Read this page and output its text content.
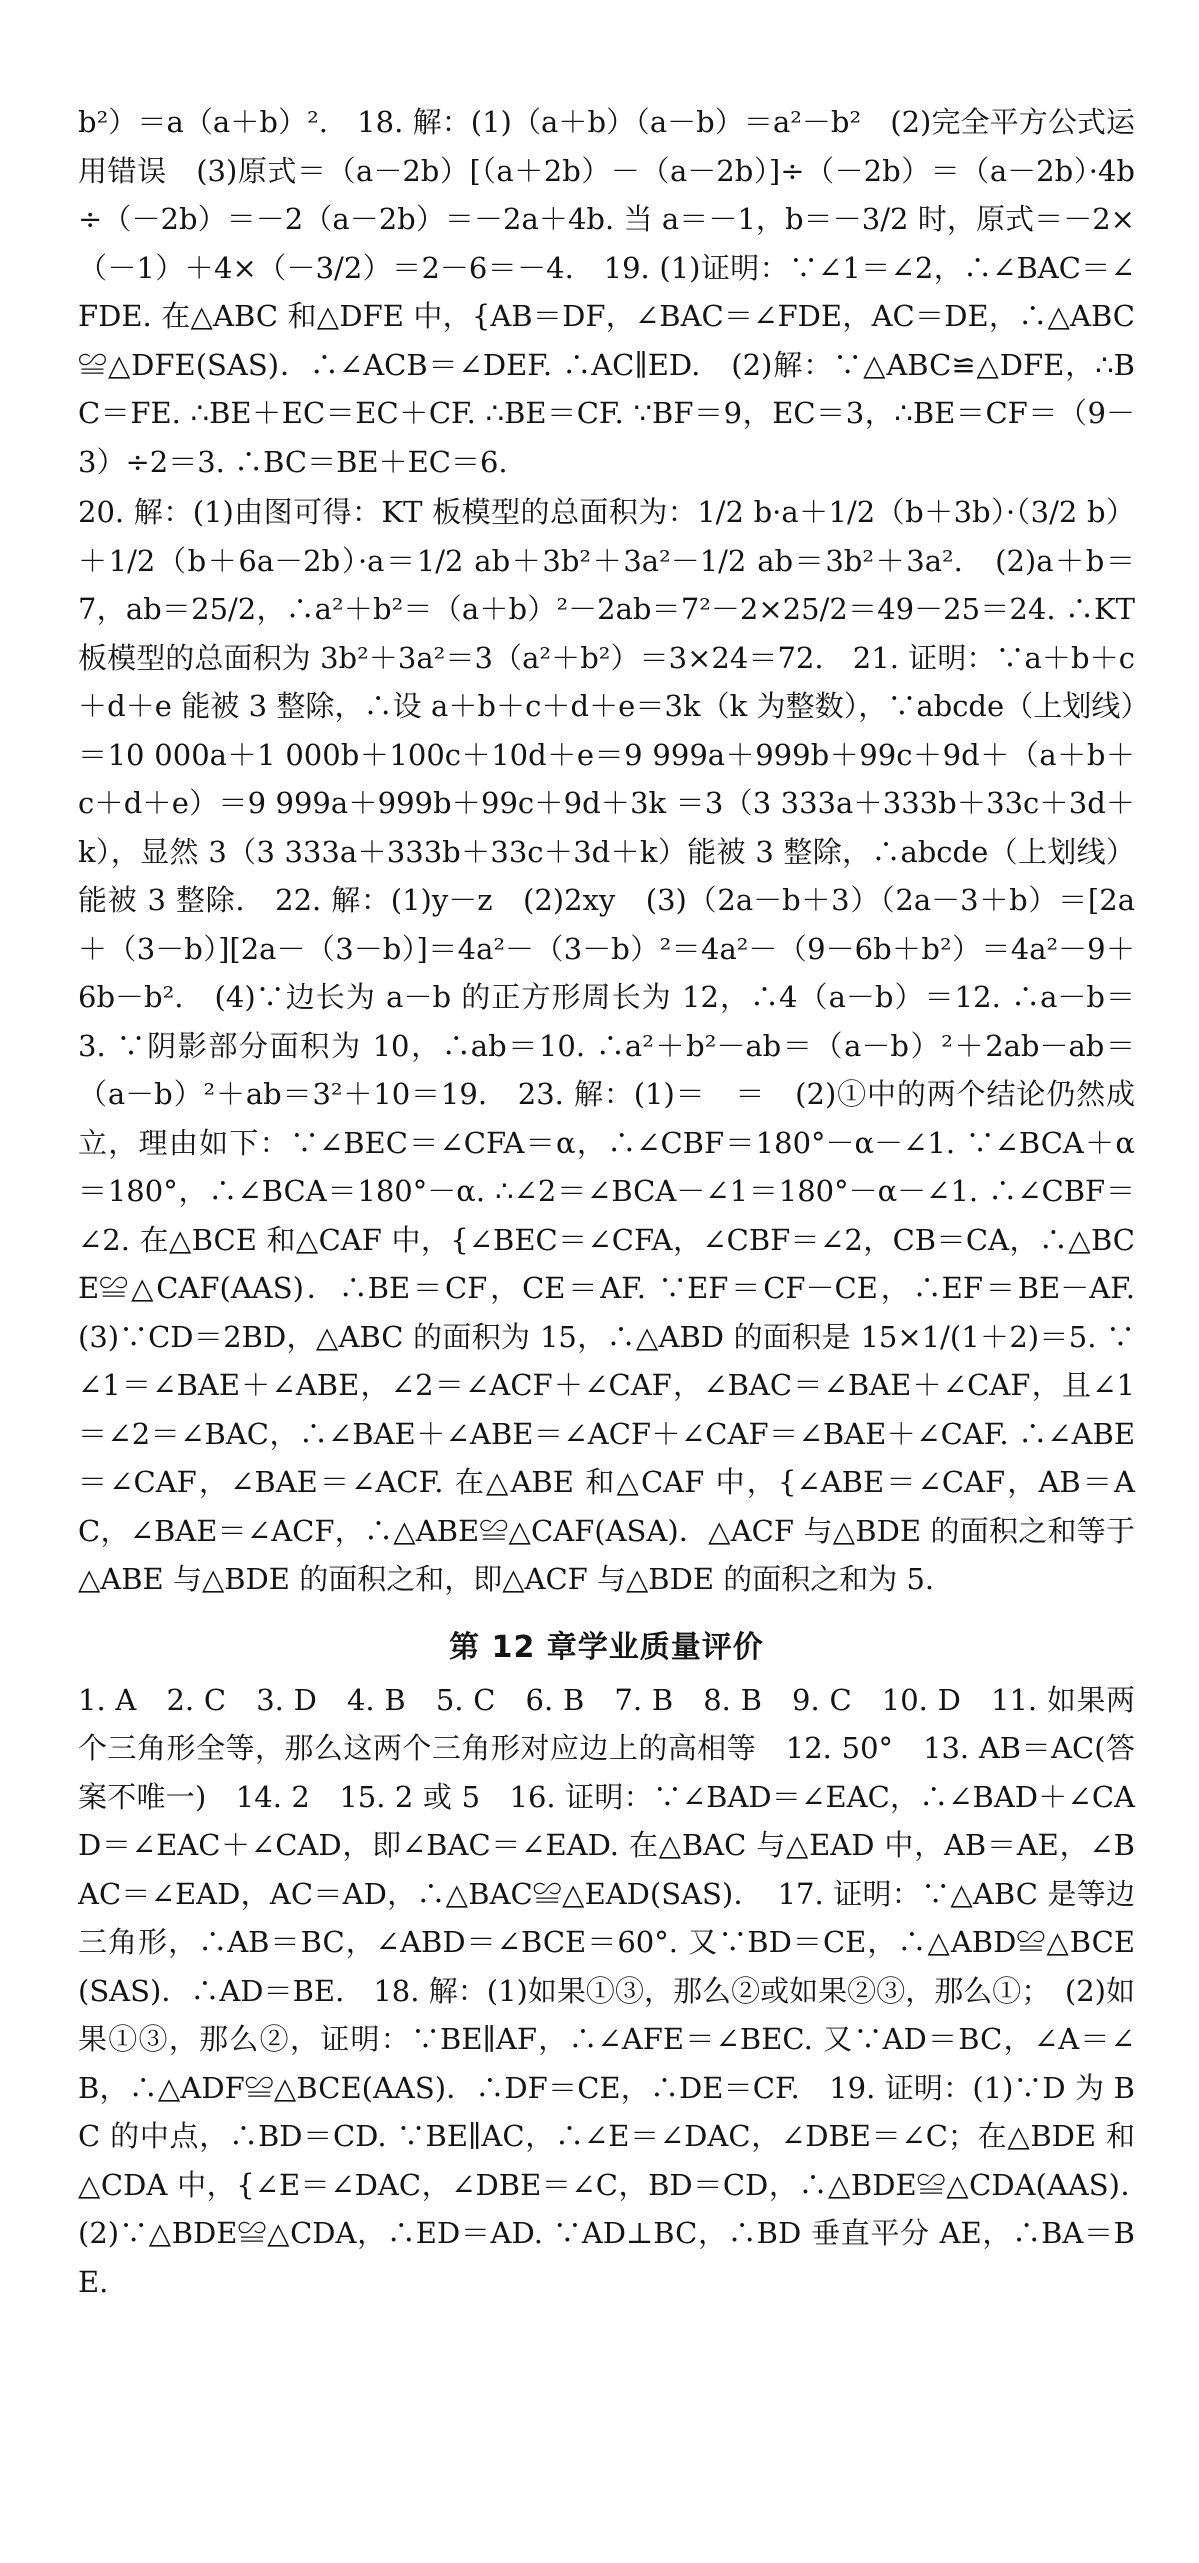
b²）＝a（a＋b）².　18. 解：(1)（a＋b）（a－b）＝a²－b²　(2)完全平方公式运用错误　(3)原式＝（a－2b）[（a＋2b）－（a－2b）]÷（－2b）＝（a－2b）·4b÷（－2b）＝－2（a－2b）＝－2a＋4b. 当 a＝－1，b＝－3/2 时，原式＝－2×（－1）＋4×（－3/2）＝2－6＝－4.　19. (1)证明：∵∠1＝∠2，∴∠BAC＝∠FDE. 在△ABC 和△DFE 中，{AB＝DF，∠BAC＝∠FDE，AC＝DE，∴△ABC≌△DFE(SAS)．∴∠ACB＝∠DEF. ∴AC∥ED.　(2)解：∵△ABC≌△DFE，∴BC＝FE. ∴BE＋EC＝EC＋CF. ∴BE＝CF. ∵BF＝9，EC＝3，∴BE＝CF＝（9－3）÷2＝3. ∴BC＝BE＋EC＝6.

20. 解：(1)由图可得：KT 板模型的总面积为：1/2 b·a＋1/2（b＋3b）·（3/2 b）＋1/2（b＋6a－2b）·a＝1/2 ab＋3b²＋3a²－1/2 ab＝3b²＋3a².　(2)a＋b＝7，ab＝25/2，∴a²＋b²＝（a＋b）²－2ab＝7²－2×25/2＝49－25＝24. ∴KT 板模型的总面积为 3b²＋3a²＝3（a²＋b²）＝3×24＝72.　21. 证明：∵a＋b＋c＋d＋e 能被 3 整除，∴设 a＋b＋c＋d＋e＝3k（k 为整数），∵abcde（上划线）＝10 000a＋1 000b＋100c＋10d＋e＝9 999a＋999b＋99c＋9d＋（a＋b＋c＋d＋e）＝9 999a＋999b＋99c＋9d＋3k ＝3（3 333a＋333b＋33c＋3d＋k），显然 3（3 333a＋333b＋33c＋3d＋k）能被 3 整除，∴abcde（上划线）能被 3 整除.　22. 解：(1)y－z　(2)2xy　(3)（2a－b＋3）（2a－3＋b）＝[2a＋（3－b）][2a－（3－b）]＝4a²－（3－b）²＝4a²－（9－6b＋b²）＝4a²－9＋6b－b².　(4)∵边长为 a－b 的正方形周长为 12，∴4（a－b）＝12. ∴a－b＝3. ∵阴影部分面积为 10，∴ab＝10. ∴a²＋b²－ab＝（a－b）²＋2ab－ab＝（a－b）²＋ab＝3²＋10＝19.　23. 解：(1)＝　＝　(2)①中的两个结论仍然成立，理由如下：∵∠BEC＝∠CFA＝α，∴∠CBF＝180°－α－∠1. ∵∠BCA＋α＝180°，∴∠BCA＝180°－α. ∴∠2＝∠BCA－∠1＝180°－α－∠1. ∴∠CBF＝∠2. 在△BCE 和△CAF 中，{∠BEC＝∠CFA，∠CBF＝∠2，CB＝CA，∴△BCE≌△CAF(AAS)．∴BE＝CF，CE＝AF. ∵EF＝CF－CE，∴EF＝BE－AF.　(3)∵CD＝2BD，△ABC 的面积为 15，∴△ABD 的面积是 15×1/(1＋2)＝5. ∵∠1＝∠BAE＋∠ABE，∠2＝∠ACF＋∠CAF，∠BAC＝∠BAE＋∠CAF，且∠1＝∠2＝∠BAC，∴∠BAE＋∠ABE＝∠ACF＋∠CAF＝∠BAE＋∠CAF. ∴∠ABE＝∠CAF，∠BAE＝∠ACF. 在△ABE 和△CAF 中，{∠ABE＝∠CAF，AB＝AC，∠BAE＝∠ACF，∴△ABE≌△CAF(ASA)．△ACF 与△BDE 的面积之和等于△ABE 与△BDE 的面积之和，即△ACF 与△BDE 的面积之和为 5.

第 12 章学业质量评价

1. A　2. C　3. D　4. B　5. C　6. B　7. B　8. B　9. C　10. D　11. 如果两个三角形全等，那么这两个三角形对应边上的高相等　12. 50°　13. AB＝AC(答案不唯一)　14. 2　15. 2 或 5　16. 证明：∵∠BAD＝∠EAC，∴∠BAD＋∠CAD＝∠EAC＋∠CAD，即∠BAC＝∠EAD. 在△BAC 与△EAD 中，AB＝AE，∠BAC＝∠EAD，AC＝AD，∴△BAC≌△EAD(SAS)．　17. 证明：∵△ABC 是等边三角形，∴AB＝BC，∠ABD＝∠BCE＝60°. 又∵BD＝CE，∴△ABD≌△BCE(SAS)．∴AD＝BE.　18. 解：(1)如果①③，那么②或如果②③，那么①；　(2)如果①③，那么②，证明：∵BE∥AF，∴∠AFE＝∠BEC. 又∵AD＝BC，∠A＝∠B，∴△ADF≌△BCE(AAS)．∴DF＝CE，∴DE＝CF.　19. 证明：(1)∵D 为 BC 的中点，∴BD＝CD. ∵BE∥AC，∴∠E＝∠DAC，∠DBE＝∠C；在△BDE 和△CDA 中，{∠E＝∠DAC，∠DBE＝∠C，BD＝CD，∴△BDE≌△CDA(AAS)．　(2)∵△BDE≌△CDA，∴ED＝AD. ∵AD⊥BC，∴BD 垂直平分 AE，∴BA＝BE.
